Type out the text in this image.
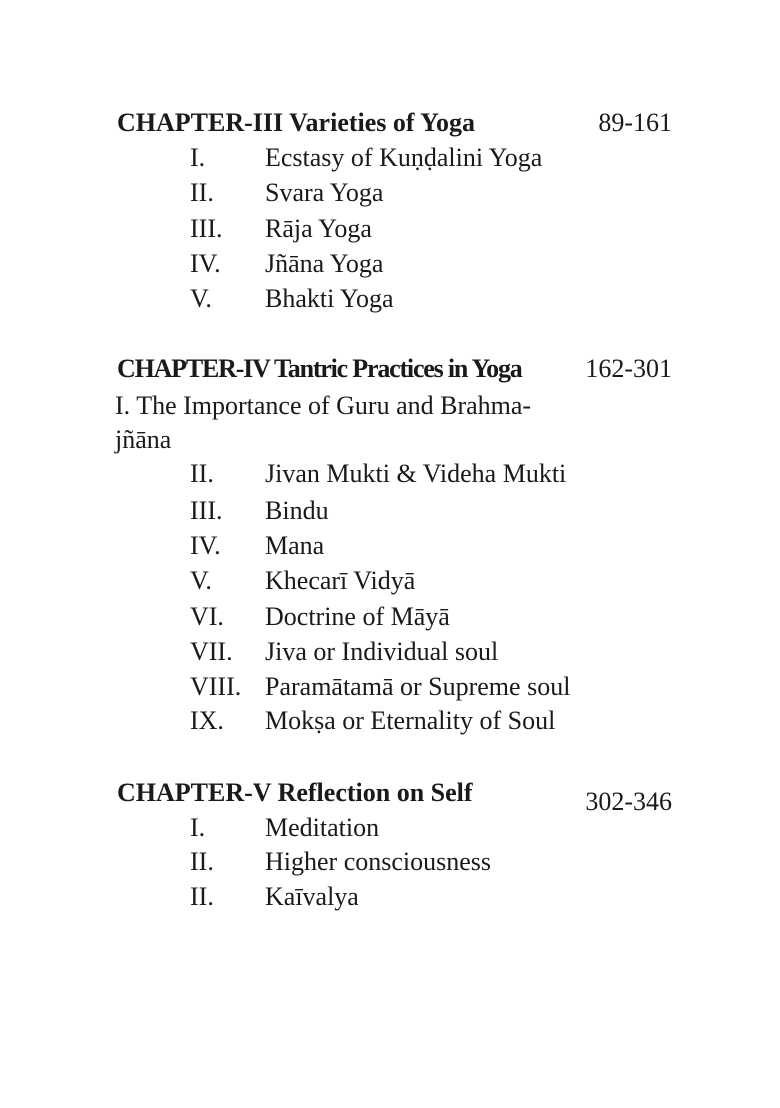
CHAPTER-III Varieties of Yoga	89-161
I. Ecstasy of Kuṇḍalini Yoga
II. Svara Yoga
III. Rāja Yoga
IV. Jñāna Yoga
V. Bhakti Yoga
CHAPTER-IV Tantric Practices in Yoga 162-301
I. The Importance of Guru and Brahma-
jñāna
II. Jivan Mukti & Videha Mukti
III. Bindu
IV. Mana
V. Khecarī Vidyā
VI. Doctrine of Māyā
VII. Jiva or Individual soul
VIII. Paramātamā or Supreme soul
IX. Mokṣa or Eternality of Soul
CHAPTER-V Reflection on Self	302-346
I. Meditation
II. Higher consciousness
II. Kaīvalya
